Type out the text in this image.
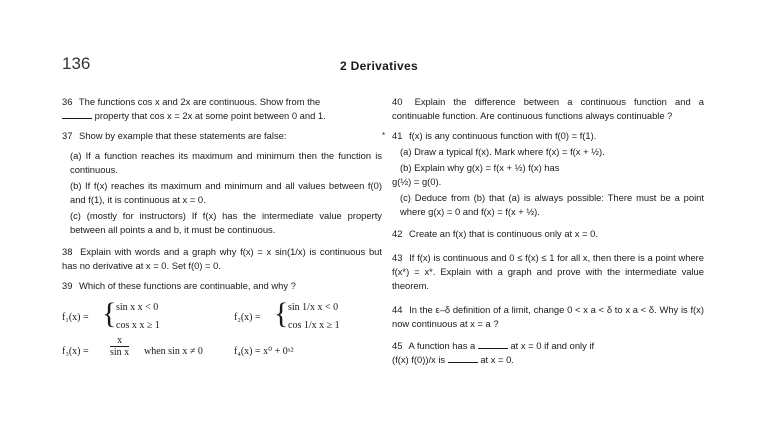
136	2 Derivatives

36 The functions cos x and 2x are continuous. Show from the
property that cos x = 2x at some point between 0 and 1.

37 Show by example that these statements are false:

(a) If a function reaches its maximum and minimum then the function is continuous.

(b) If f(x) reaches its maximum and minimum and all values between f(0) and f(1), it is continuous at x = 0.

(c) (mostly for instructors) If f(x) has the intermediate value property between all points a and b, it must be continuous.

38 Explain with words and a graph why f(x) = x sin(1/x) is continuous but has no derivative at x = 0. Set f(0) = 0.

39 Which of these functions are continuable, and why ?

f₁(x) = { sin x x < 0
cos x x ≥ 1
f₂(x) = { sin 1/x x < 0
cos 1/x x ≥ 1
$f_3(x) = \frac{x}{\text{sin x}}$ when sin x ≠ 0	f₄(x) = x⁰ + 0ˣ²

40 Explain the difference between a continuous function and a continuable function. Are continuous functions always continuable ?

* 41 f(x) is any continuous function with f(0) = f(1).

(a) Draw a typical f(x). Mark where f(x) = f(x + ½).

(b) Explain why g(x) = f(x + ½) f(x) has

g(½) = g(0).

(c) Deduce from (b) that (a) is always possible: There must be a point where g(x) = 0 and f(x) = f(x + ½).

42 Create an f(x) that is continuous only at x = 0.

43 If f(x) is continuous and 0 ≤ f(x) ≤ 1 for all x, then there is a point where f(x*) = x*. Explain with a graph and prove with the intermediate value theorem.

44 In the ε–δ definition of a limit, change 0 < x a < δ to x a < δ. Why is f(x) now continuous at x = a ?

45 A function has a	at x = 0 if and only if
(f(x) f(0))/x is	at x = 0.
